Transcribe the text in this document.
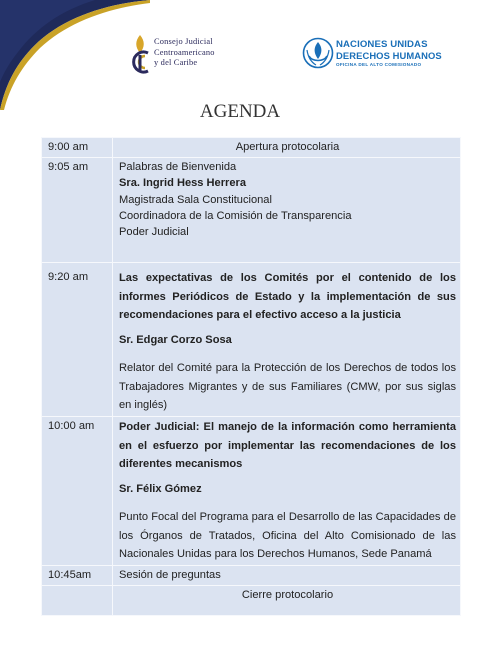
Consejo Judicial
Centroamericano
y del Caribe
NACIONES UNIDAS
DERECHOS HUMANOS
OFICINA DEL ALTO COMISIONADO
AGENDA
9:00 am	Apertura protocolaria
9:05 am	Palabras de Bienvenida

Sra. Ingrid Hess Herrera

Magistrada Sala Constitucional

Coordinadora de la Comisión de Transparencia

Poder Judicial

9:20 am	Las expectativas de los Comités por el contenido de los informes Periódicos de Estado y la implementación de sus recomendaciones para el efectivo acceso a la justicia

Sr. Edgar Corzo Sosa

Relator del Comité para la Protección de los Derechos de todos los Trabajadores Migrantes y de sus Familiares (CMW, por sus siglas en inglés)

10:00 am	Poder Judicial: El manejo de la información como herramienta en el esfuerzo por implementar las recomendaciones de los diferentes mecanismos

Sr. Félix Gómez

Punto Focal del Programa para el Desarrollo de las Capacidades de los Órganos de Tratados, Oficina del Alto Comisionado de las Nacionales Unidas para los Derechos Humanos, Sede Panamá

10:45am	Sesión de preguntas
	Cierre protocolario
